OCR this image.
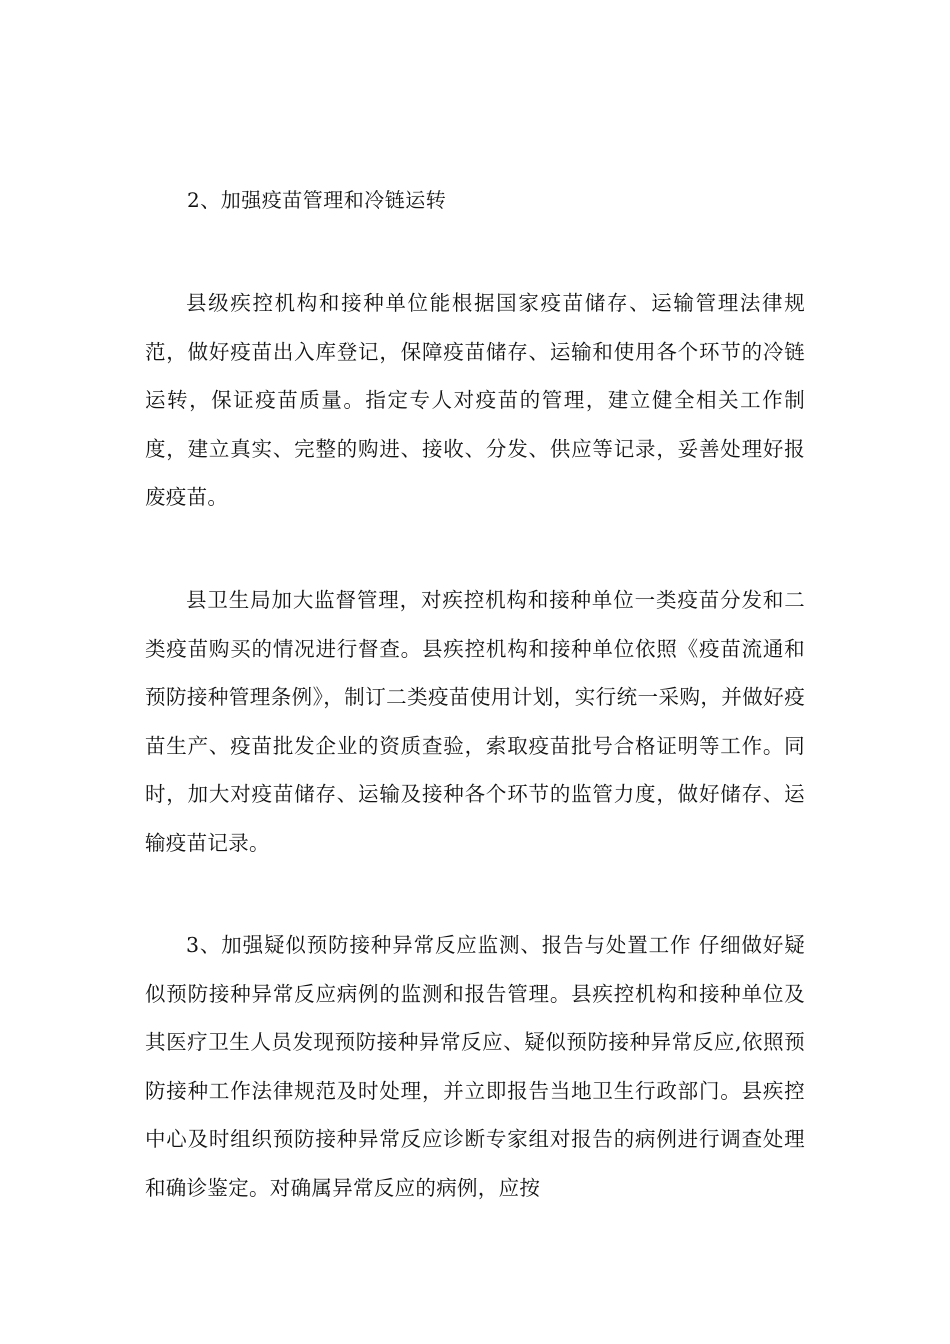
2、加强疫苗管理和冷链运转

县级疾控机构和接种单位能根据国家疫苗储存、运输管理法律规范，做好疫苗出入库登记，保障疫苗储存、运输和使用各个环节的冷链运转，保证疫苗质量。指定专人对疫苗的管理，建立健全相关工作制度，建立真实、完整的购进、接收、分发、供应等记录，妥善处理好报废疫苗。

县卫生局加大监督管理，对疾控机构和接种单位一类疫苗分发和二类疫苗购买的情况进行督查。县疾控机构和接种单位依照《疫苗流通和预防接种管理条例》，制订二类疫苗使用计划，实行统一采购，并做好疫苗生产、疫苗批发企业的资质查验，索取疫苗批号合格证明等工作。同时，加大对疫苗储存、运输及接种各个环节的监管力度，做好储存、运输疫苗记录。

3、加强疑似预防接种异常反应监测、报告与处置工作 仔细做好疑似预防接种异常反应病例的监测和报告管理。县疾控机构和接种单位及其医疗卫生人员发现预防接种异常反应、疑似预防接种异常反应,依照预防接种工作法律规范及时处理，并立即报告当地卫生行政部门。县疾控中心及时组织预防接种异常反应诊断专家组对报告的病例进行调查处理和确诊鉴定。对确属异常反应的病例，应按
